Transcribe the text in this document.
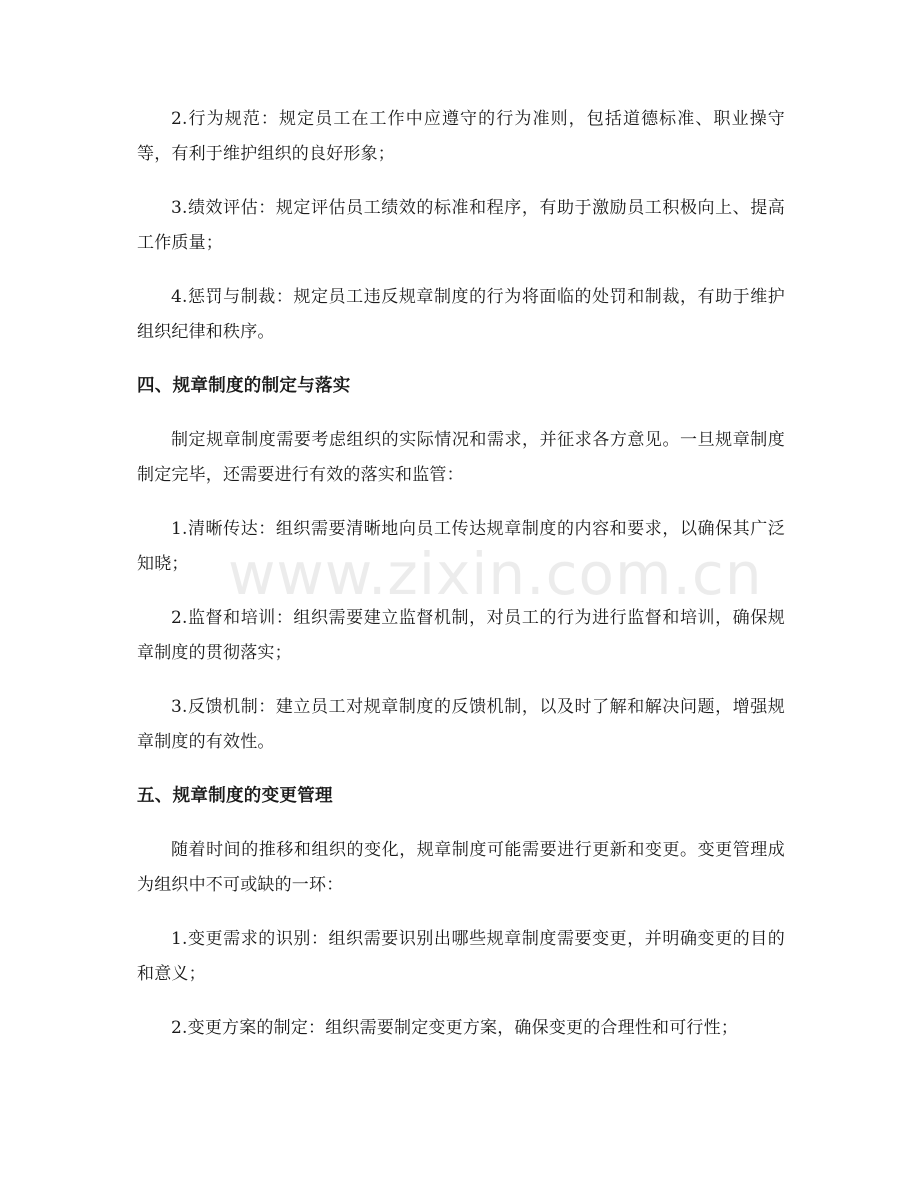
2.行为规范：规定员工在工作中应遵守的行为准则，包括道德标准、职业操守等，有利于维护组织的良好形象；

3.绩效评估：规定评估员工绩效的标准和程序，有助于激励员工积极向上、提高工作质量；

4.惩罚与制裁：规定员工违反规章制度的行为将面临的处罚和制裁，有助于维护组织纪律和秩序。

四、规章制度的制定与落实

制定规章制度需要考虑组织的实际情况和需求，并征求各方意见。一旦规章制度制定完毕，还需要进行有效的落实和监管：

1.清晰传达：组织需要清晰地向员工传达规章制度的内容和要求，以确保其广泛知晓；

2.监督和培训：组织需要建立监督机制，对员工的行为进行监督和培训，确保规章制度的贯彻落实；

3.反馈机制：建立员工对规章制度的反馈机制，以及时了解和解决问题，增强规章制度的有效性。

五、规章制度的变更管理

随着时间的推移和组织的变化，规章制度可能需要进行更新和变更。变更管理成为组织中不可或缺的一环：

1.变更需求的识别：组织需要识别出哪些规章制度需要变更，并明确变更的目的和意义；

2.变更方案的制定：组织需要制定变更方案，确保变更的合理性和可行性；

www.zixin.com.cn
